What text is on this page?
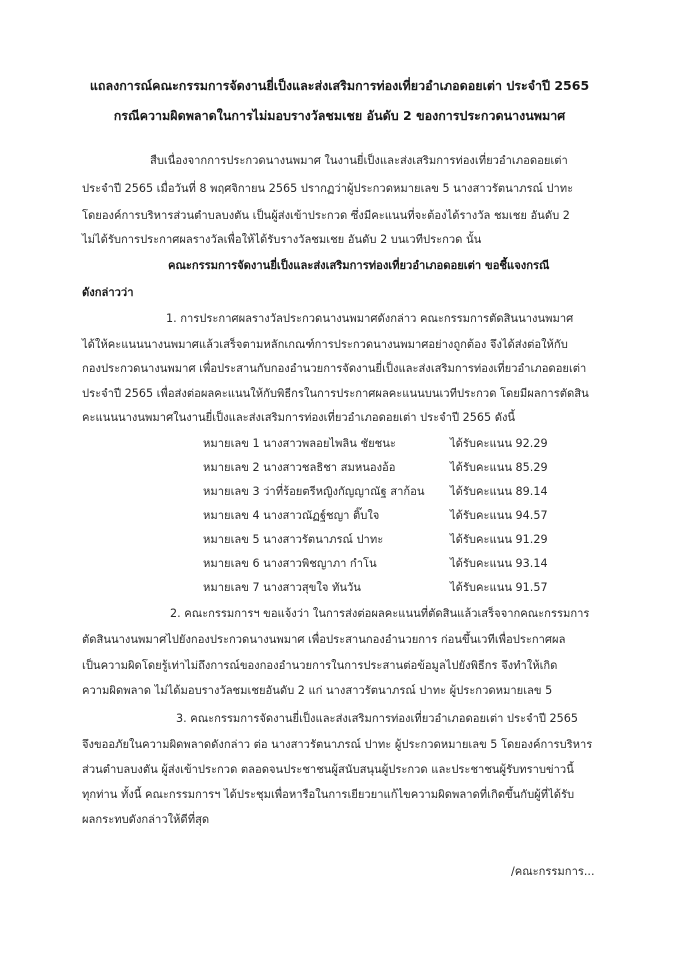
แถลงการณ์คณะกรรมการจัดงานยี่เป็งและส่งเสริมการท่องเที่ยวอำเภอดอยเต่า ประจำปี 2565
กรณีความผิดพลาดในการไม่มอบรางวัลชมเชย อันดับ 2 ของการประกวดนางนพมาศ
สืบเนื่องจากการประกวดนางนพมาศ ในงานยี่เป็งและส่งเสริมการท่องเที่ยวอำเภอดอยเต่า
ประจำปี 2565 เมื่อวันที่ 8 พฤศจิกายน 2565 ปรากฏว่าผู้ประกวดหมายเลข 5 นางสาวรัตนาภรณ์ ปาทะ
โดยองค์การบริหารส่วนตำบลบงตัน เป็นผู้ส่งเข้าประกวด ซึ่งมีคะแนนที่จะต้องได้รางวัล ชมเชย อันดับ 2
ไม่ได้รับการประกาศผลรางวัลเพื่อให้ได้รับรางวัลชมเชย อันดับ 2 บนเวทีประกวด นั้น
คณะกรรมการจัดงานยี่เป็งและส่งเสริมการท่องเที่ยวอำเภอดอยเต่า ขอชี้แจงกรณี
ดังกล่าวว่า
1. การประกาศผลรางวัลประกวดนางนพมาศดังกล่าว คณะกรรมการตัดสินนางนพมาศ
ได้ให้คะแนนนางนพมาศแล้วเสร็จตามหลักเกณฑ์การประกวดนางนพมาศอย่างถูกต้อง จึงได้ส่งต่อให้กับ
กองประกวดนางนพมาศ เพื่อประสานกับกองอำนวยการจัดงานยี่เป็งและส่งเสริมการท่องเที่ยวอำเภอดอยเต่า
ประจำปี 2565 เพื่อส่งต่อผลคะแนนให้กับพิธีกรในการประกาศผลคะแนนบนเวทีประกวด โดยมีผลการตัดสิน
คะแนนนางนพมาศในงานยี่เป็งและส่งเสริมการท่องเที่ยวอำเภอดอยเต่า ประจำปี 2565 ดังนี้
หมายเลข 1 นางสาวพลอยไพลิน ชัยชนะ	ได้รับคะแนน 92.29
หมายเลข 2 นางสาวชลธิชา สมหนองอ้อ	ได้รับคะแนน 85.29
หมายเลข 3 ว่าที่ร้อยตรีหญิงกัญญาณัฐ สาก้อน ได้รับคะแนน 89.14
หมายเลข 4 นางสาวณัฏฐ์ชญา ติ๊บใจ	ได้รับคะแนน 94.57
หมายเลข 5 นางสาวรัตนาภรณ์ ปาทะ	ได้รับคะแนน 91.29
หมายเลข 6 นางสาวพิชญาภา กำโน	ได้รับคะแนน 93.14
หมายเลข 7 นางสาวสุขใจ ทันวัน	ได้รับคะแนน 91.57
2. คณะกรรมการฯ ขอแจ้งว่า ในการส่งต่อผลคะแนนที่ตัดสินแล้วเสร็จจากคณะกรรมการ
ตัดสินนางนพมาศไปยังกองประกวดนางนพมาศ เพื่อประสานกองอำนวยการ ก่อนขึ้นเวทีเพื่อประกาศผล
เป็นความผิดโดยรู้เท่าไม่ถึงการณ์ของกองอำนวยการในการประสานต่อข้อมูลไปยังพิธีกร จึงทำให้เกิด
ความผิดพลาด ไม่ได้มอบรางวัลชมเชยอันดับ 2 แก่ นางสาวรัตนาภรณ์ ปาทะ ผู้ประกวดหมายเลข 5
3. คณะกรรมการจัดงานยี่เป็งและส่งเสริมการท่องเที่ยวอำเภอดอยเต่า ประจำปี 2565
จึงขออภัยในความผิดพลาดดังกล่าว ต่อ นางสาวรัตนาภรณ์ ปาทะ ผู้ประกวดหมายเลข 5 โดยองค์การบริหาร
ส่วนตำบลบงตัน ผู้ส่งเข้าประกวด ตลอดจนประชาชนผู้สนับสนุนผู้ประกวด และประชาชนผู้รับทราบข่าวนี้
ทุกท่าน ทั้งนี้ คณะกรรมการฯ ได้ประชุมเพื่อหารือในการเยียวยาแก้ไขความผิดพลาดที่เกิดขึ้นกับผู้ที่ได้รับ
ผลกระทบดังกล่าวให้ดีที่สุด
/คณะกรรมการ...
